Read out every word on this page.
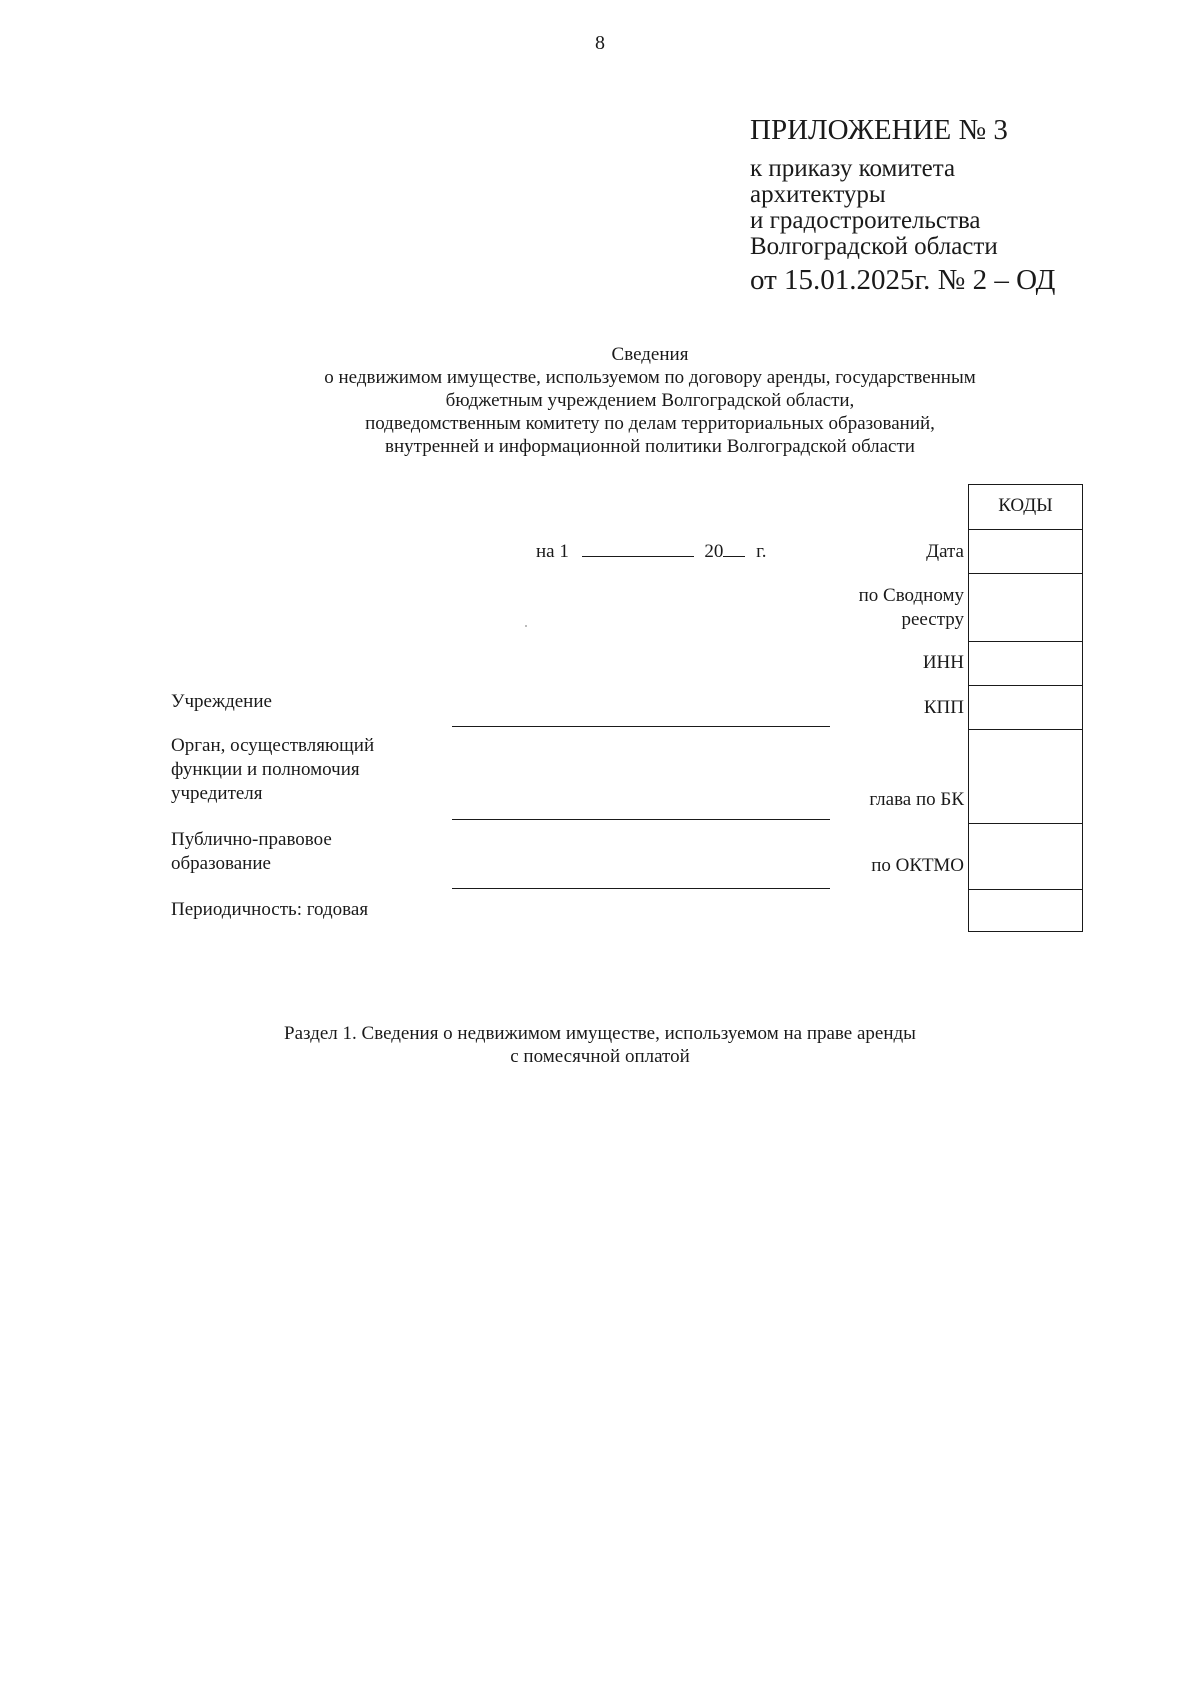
8
ПРИЛОЖЕНИЕ № 3
к приказу комитета
архитектуры
и градостроительства
Волгоградской области
от 15.01.2025г. № 2 – ОД
Сведения
о недвижимом имуществе, используемом по договору аренды, государственным
бюджетным учреждением Волгоградской области,
подведомственным комитету по делам территориальных образований,
внутренней и информационной политики Волгоградской области
на 1	20 г.
КОДЫ
Дата
по Сводному
реестру
ИНН
КПП
глава по БК
по ОКТМО
Учреждение
Орган, осуществляющий
функции и полномочия
учредителя
Публично-правовое
образование
Периодичность: годовая
Раздел 1. Сведения о недвижимом имуществе, используемом на праве аренды
с помесячной оплатой
